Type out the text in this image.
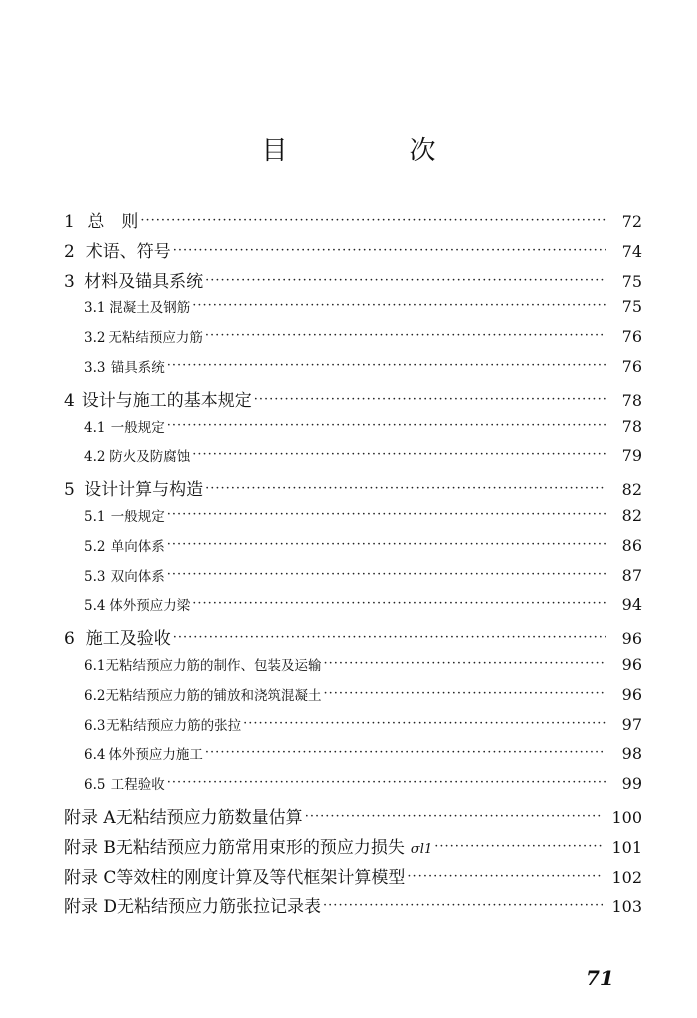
目　次
1 总　则 ·····	72
2 术语、符号 ·····	74
3 材料及锚具系统 ·····	75
3.1 混凝土及钢筋 ·····	75
3.2 无粘结预应力筋 ·····	76
3.3 锚具系统 ·····	76
4 设计与施工的基本规定 ·····	78
4.1 一般规定 ·····	78
4.2 防火及防腐蚀 ·····	79
5 设计计算与构造 ·····	82
5.1 一般规定 ·····	82
5.2 单向体系 ·····	86
5.3 双向体系 ·····	87
5.4 体外预应力梁 ·····	94
6 施工及验收 ·····	96
6.1 无粘结预应力筋的制作、包装及运输 ·····	96
6.2 无粘结预应力筋的铺放和浇筑混凝土 ·····	96
6.3 无粘结预应力筋的张拉 ·····	97
6.4 体外预应力施工 ·····	98
6.5 工程验收 ·····	99
附录 A 无粘结预应力筋数量估算 ·····	100
附录 B 无粘结预应力筋常用束形的预应力损失 σl1 ·····	101
附录 C 等效柱的刚度计算及等代框架计算模型 ·····	102
附录 D 无粘结预应力筋张拉记录表 ·····	103
71
